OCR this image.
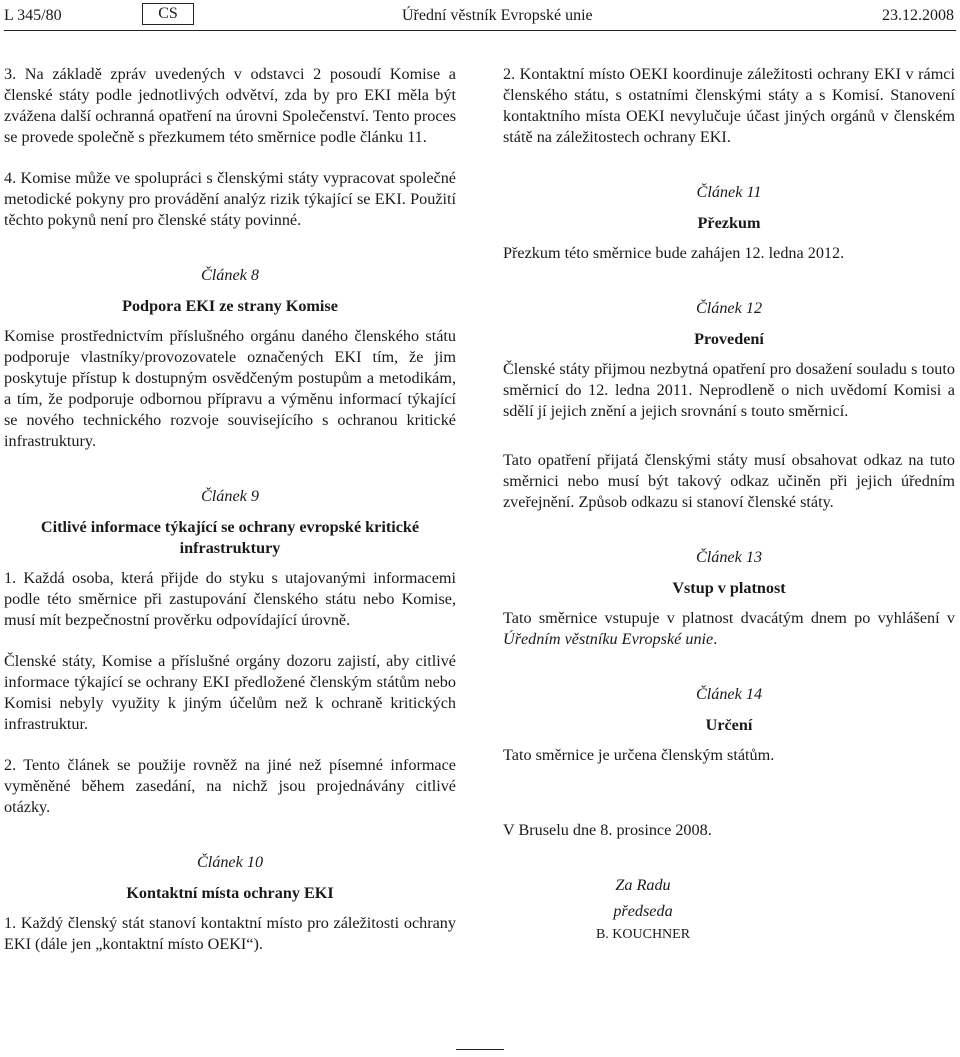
L 345/80	CS	Úřední věstník Evropské unie	23.12.2008

3. Na základě zpráv uvedených v odstavci 2 posoudí Komise a členské státy podle jednotlivých odvětví, zda by pro EKI měla být zvážena další ochranná opatření na úrovni Společenství. Tento proces se provede společně s přezkumem této směrnice podle článku 11.

4. Komise může ve spolupráci s členskými státy vypracovat společné metodické pokyny pro provádění analýz rizik týkající se EKI. Použití těchto pokynů není pro členské státy povinné.

Článek 8

Podpora EKI ze strany Komise

Komise prostřednictvím příslušného orgánu daného členského státu podporuje vlastníky/provozovatele označených EKI tím, že jim poskytuje přístup k dostupným osvědčeným postupům a metodikám, a tím, že podporuje odbornou přípravu a výměnu informací týkající se nového technického rozvoje souvisejícího s ochranou kritické infrastruktury.

Článek 9

Citlivé informace týkající se ochrany evropské kritické infrastruktury

1. Každá osoba, která přijde do styku s utajovanými informacemi podle této směrnice při zastupování členského státu nebo Komise, musí mít bezpečnostní prověrku odpovídající úrovně.

Členské státy, Komise a příslušné orgány dozoru zajistí, aby citlivé informace týkající se ochrany EKI předložené členským státům nebo Komisi nebyly využity k jiným účelům než k ochraně kritických infrastruktur.

2. Tento článek se použije rovněž na jiné než písemné informace vyměněné během zasedání, na nichž jsou projednávány citlivé otázky.

Článek 10

Kontaktní místa ochrany EKI

1. Každý členský stát stanoví kontaktní místo pro záležitosti ochrany EKI (dále jen „kontaktní místo OEKI“).

2. Kontaktní místo OEKI koordinuje záležitosti ochrany EKI v rámci členského státu, s ostatními členskými státy a s Komisí. Stanovení kontaktního místa OEKI nevylučuje účast jiných orgánů v členském státě na záležitostech ochrany EKI.

Článek 11

Přezkum

Přezkum této směrnice bude zahájen 12. ledna 2012.

Článek 12

Provedení

Členské státy přijmou nezbytná opatření pro dosažení souladu s touto směrnicí do 12. ledna 2011. Neprodleně o nich uvědomí Komisi a sdělí jí jejich znění a jejich srovnání s touto směrnicí.

Tato opatření přijatá členskými státy musí obsahovat odkaz na tuto směrnici nebo musí být takový odkaz učiněn při jejich úředním zveřejnění. Způsob odkazu si stanoví členské státy.

Článek 13

Vstup v platnost

Tato směrnice vstupuje v platnost dvacátým dnem po vyhlášení v Úředním věstníku Evropské unie.

Článek 14

Určení

Tato směrnice je určena členským státům.

V Bruselu dne 8. prosince 2008.

Za Radu

předseda

B. KOUCHNER
